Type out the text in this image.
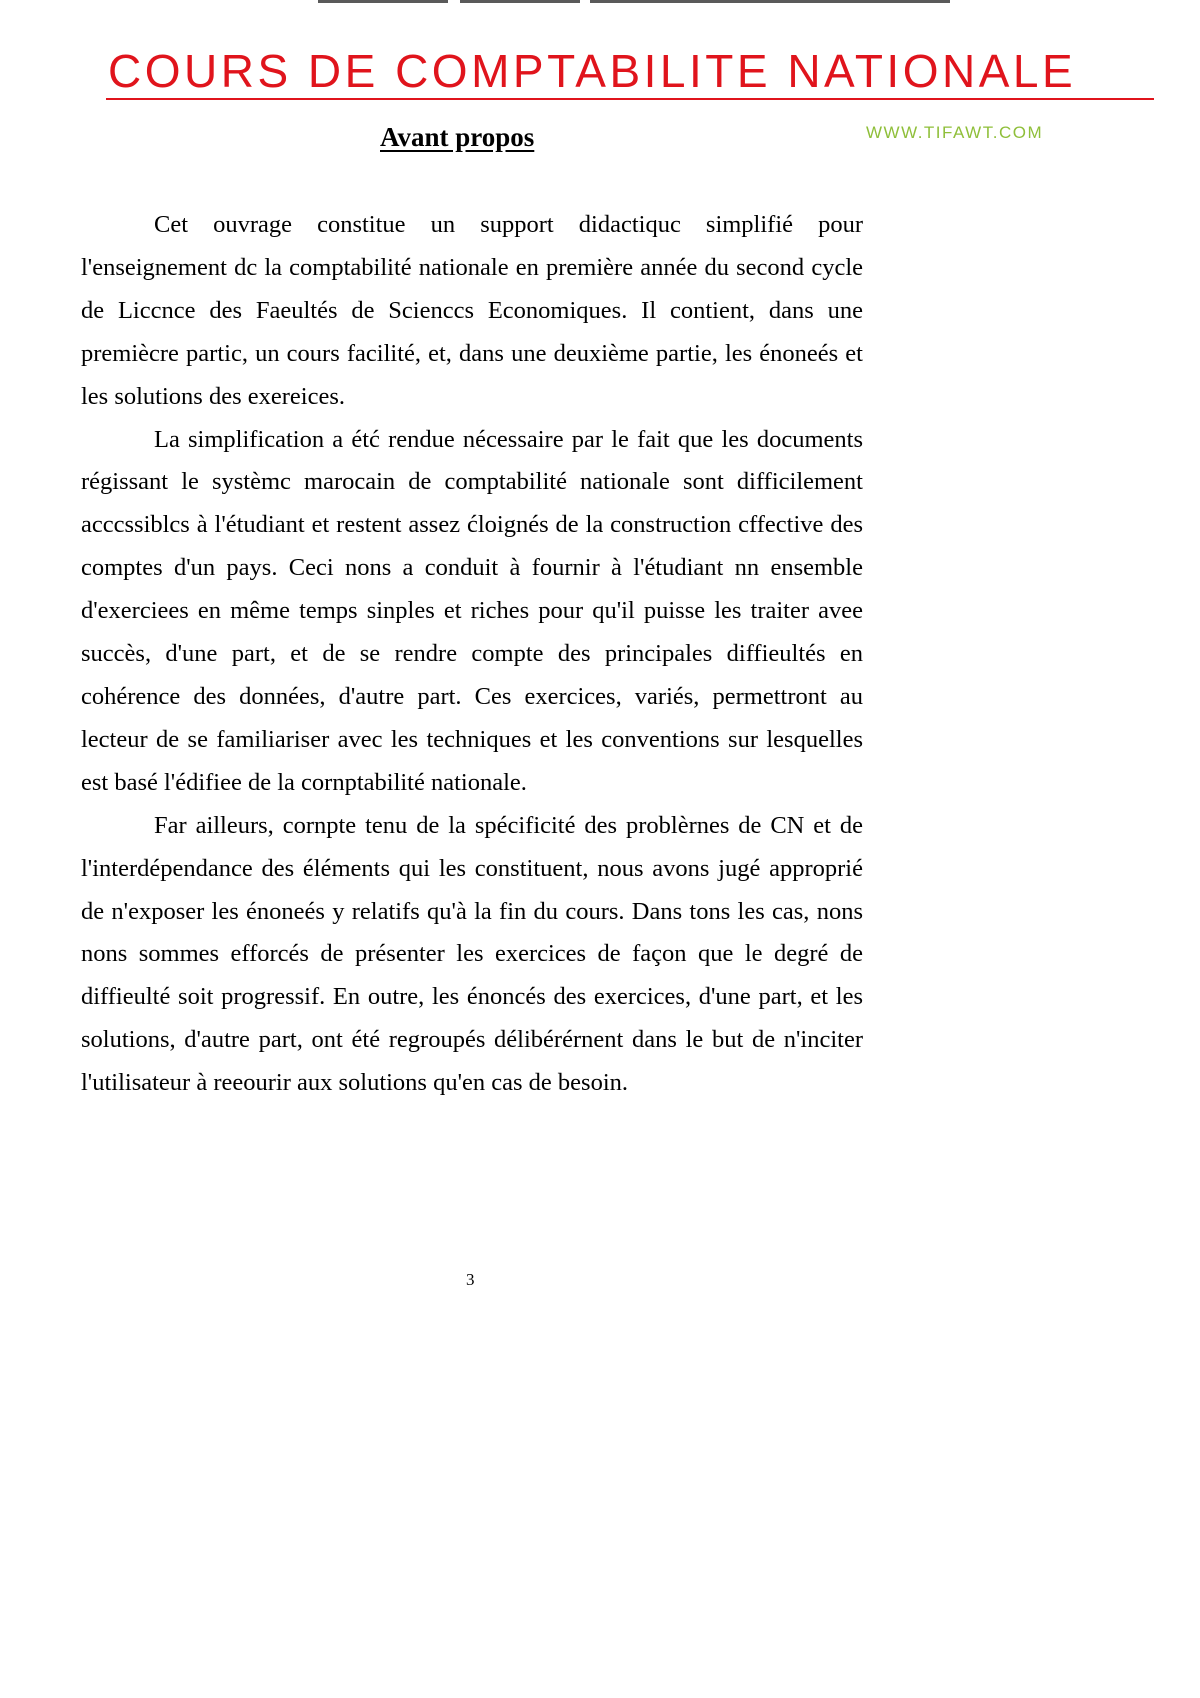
COURS DE COMPTABILITE NATIONALE
WWW.TIFAWT.COM
Avant propos

Cet ouvrage constitue un support didactiquc simplifié pour l'enseignement dc la comptabilité nationale en première année du second cycle de Liccnce des Faeultés de Scienccs Economiques. Il contient, dans une premiècre partic, un cours facilité, et, dans une deuxième partie, les énoneés et les solutions des exereices.

La simplification a étć rendue nécessaire par le fait que les documents régissant le systèmc marocain de comptabilité nationale sont difficilement acccssiblcs à l'étudiant et restent assez ćloignés de la construction cffective des comptes d'un pays. Ceci nons a conduit à fournir à l'étudiant nn ensemble d'exerciees en même temps sinples et riches pour qu'il puisse les traiter avee succès, d'une part, et de se rendre compte des principales diffieultés en cohérence des données, d'autre part. Ces exercices, variés, permettront au lecteur de se familiariser avec les techniques et les conventions sur lesquelles est basé l'édifiee de la cornptabilité nationale.

Far ailleurs, cornpte tenu de la spécificité des problèrnes de CN et de l'interdépendance des éléments qui les constituent, nous avons jugé approprié de n'exposer les énoneés y relatifs qu'à la fin du cours. Dans tons les cas, nons nons sommes efforcés de présenter les exercices de façon que le degré de diffieulté soit progressif. En outre, les énoncés des exercices, d'une part, et les solutions, d'autre part, ont été regroupés délibérérnent dans le but de n'inciter l'utilisateur à reeourir aux solutions qu'en cas de besoin.

3
